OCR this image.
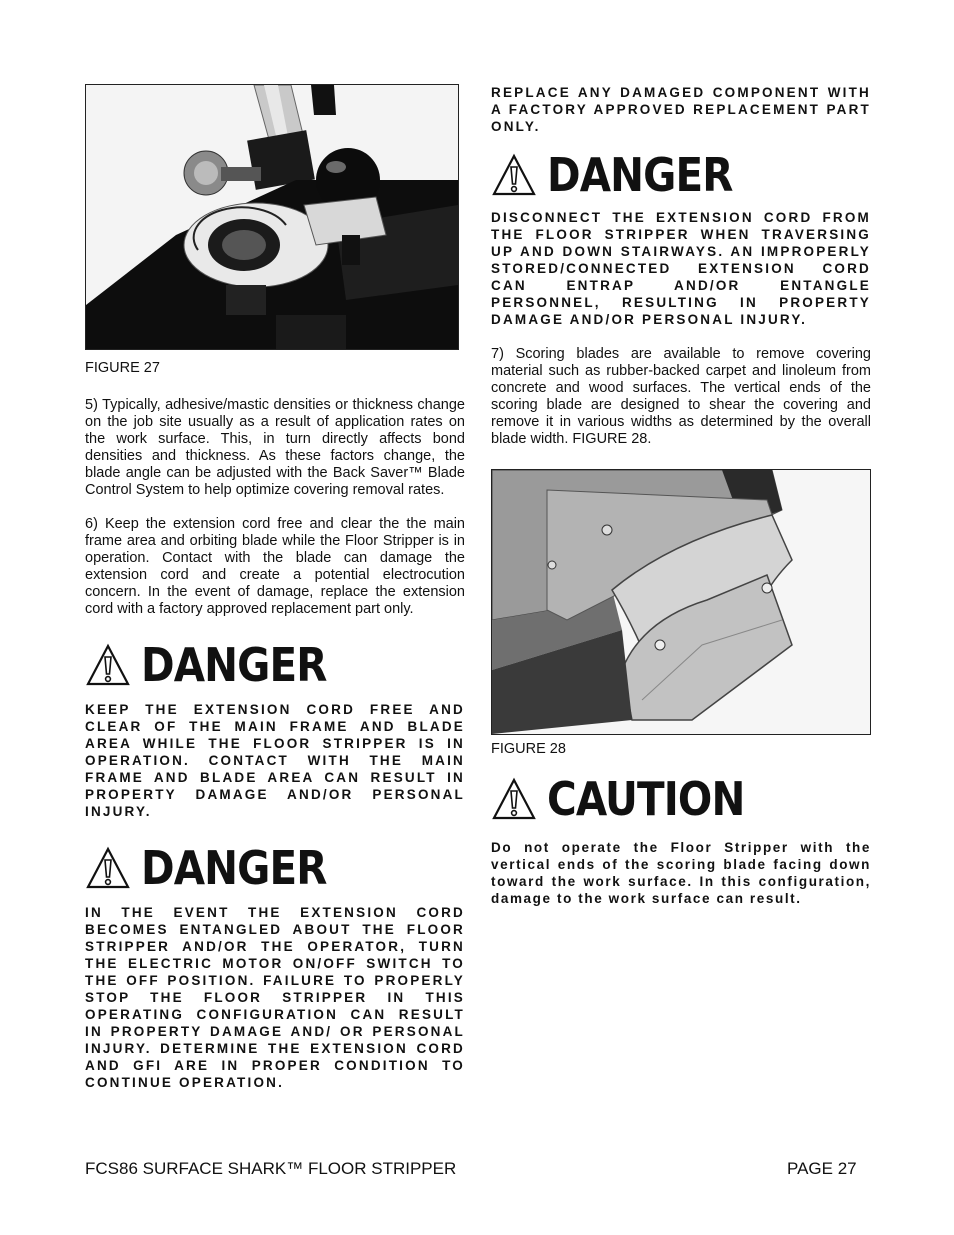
FIGURE 27

5) Typically, adhesive/mastic densities or thickness change on the job site usually as a result of application rates on the work surface. This, in turn directly affects bond densities and thickness. As these factors change, the blade angle can be adjusted with the Back Saver™ Blade Control System to help optimize covering removal rates.

6) Keep the extension cord free and clear the the main frame area and orbiting blade while the Floor Stripper is in operation. Contact with the blade can damage the extension cord and create a potential electrocution concern. In the event of damage, replace the extension cord with a factory approved replacement part only.

DANGER

KEEP THE EXTENSION CORD FREE AND CLEAR OF THE MAIN FRAME AND BLADE AREA WHILE THE FLOOR STRIPPER IS IN OPERATION. CONTACT WITH THE MAIN FRAME AND BLADE AREA CAN RESULT IN PROPERTY DAMAGE AND/OR PERSONAL INJURY.

DANGER

IN THE EVENT THE EXTENSION CORD BECOMES ENTANGLED ABOUT THE FLOOR STRIPPER AND/OR THE OPERATOR, TURN THE ELECTRIC MOTOR ON/OFF SWITCH TO THE OFF POSITION. FAILURE TO PROPERLY STOP THE FLOOR STRIPPER IN THIS OPERATING CONFIGURATION CAN RESULT IN PROPERTY DAMAGE AND/ OR PERSONAL INJURY. DETERMINE THE EXTENSION CORD AND GFI ARE IN PROPER CONDITION TO CONTINUE OPERATION.

REPLACE ANY DAMAGED COMPONENT WITH A FACTORY APPROVED REPLACEMENT PART ONLY.

DANGER

DISCONNECT THE EXTENSION CORD FROM THE FLOOR STRIPPER WHEN TRAVERSING UP AND DOWN STAIRWAYS. AN IMPROPERLY STORED/CONNECTED EXTENSION CORD CAN ENTRAP AND/OR ENTANGLE PERSONNEL, RESULTING IN PROPERTY DAMAGE AND/OR PERSONAL INJURY.

7) Scoring blades are available to remove covering material such as rubber-backed carpet and linoleum from concrete and wood surfaces. The vertical ends of the scoring blade are designed to shear the covering and remove it in various widths as determined by the overall blade width. FIGURE 28.

FIGURE 28

CAUTION

Do not operate the Floor Stripper with the vertical ends of the scoring blade facing down toward the work surface. In this configuration, damage to the work surface can result.

FCS86 SURFACE SHARK™ FLOOR STRIPPER	PAGE 27
